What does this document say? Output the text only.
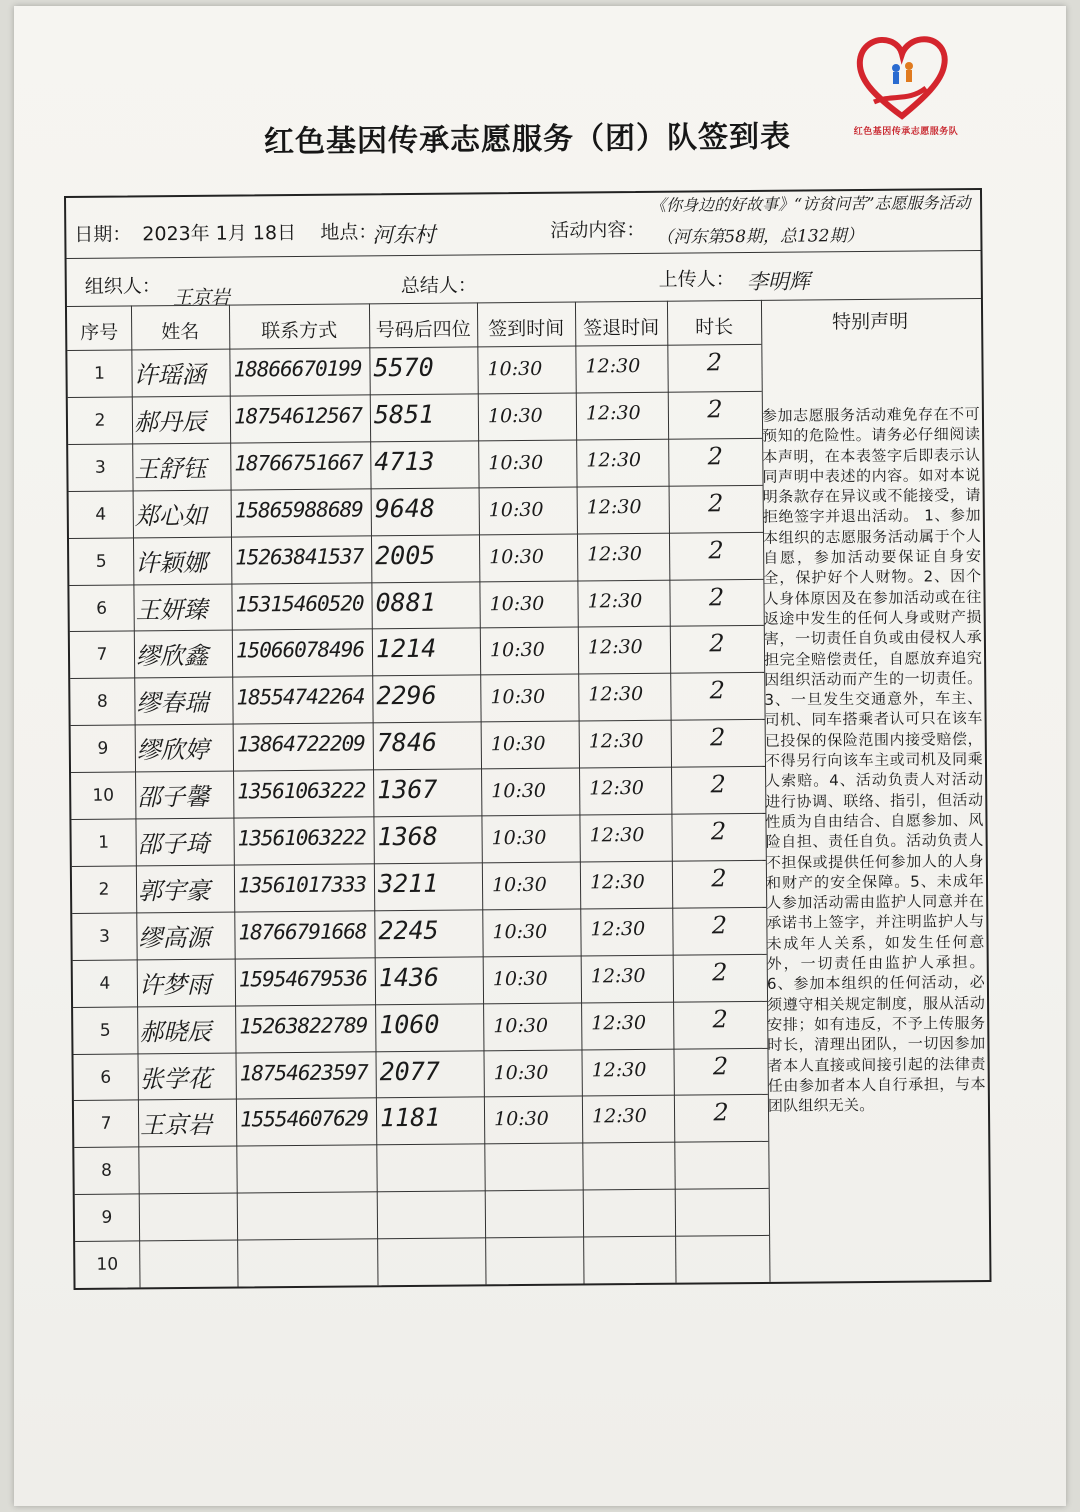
红色基因传承志愿服务队
红色基因传承志愿服务（团）队签到表
日期： 2023年 1月 18日 地点：
河东村	活动内容：
《你身边的好故事》“访贫问苦”志愿服务活动
（河东第58期，总132期）
组织人： 王京岩
总结人：	上传人： 李明辉
序号	姓名	联系方式	号码后四位 签到时间 签退时间	时长	特别声明
1	许瑶涵 18866670199 5570	10:30 12:30	2
2	郝丹辰 18754612567 5851	10:30 12:30	2
3	王舒钰 18766751667 4713	10:30 12:30	2
4	郑心如 15865988689 9648	10:30 12:30	2
5	许颖娜 15263841537 2005	10:30 12:30	2
6	王妍臻 15315460520 0881	10:30 12:30	2
7	缪欣鑫 15066078496 1214	10:30 12:30	2
8	缪春瑞 18554742264 2296	10:30 12:30	2
9	缪欣婷 13864722209 7846	10:30 12:30	2
10 邵子馨 13561063222 1367	10:30 12:30	2
1	邵子琦 13561063222 1368	10:30 12:30	2
2	郭宇豪 13561017333 3211	10:30 12:30	2
3	缪高源 18766791668 2245	10:30 12:30	2
4	许梦雨 15954679536 1436	10:30 12:30	2
5	郝晓辰 15263822789 1060	10:30 12:30	2
6	张学花 18754623597 2077	10:30 12:30	2
7	王京岩 15554607629 1181	10:30 12:30	2
8
9
10
参加志愿服务活动难免存在不可预知的危险性。请务必仔细阅读本声明，在本表签字后即表示认同声明中表述的内容。如对本说明条款存在异议或不能接受，请拒绝签字并退出活动。 1、参加本组织的志愿服务活动属于个人自愿，参加活动要保证自身安全，保护好个人财物。2、因个人身体原因及在参加活动或在往返途中发生的任何人身或财产损害，一切责任自负或由侵权人承担完全赔偿责任，自愿放弃追究因组织活动而产生的一切责任。3、一旦发生交通意外，车主、司机、同车搭乘者认可只在该车已投保的保险范围内接受赔偿，不得另行向该车主或司机及同乘人索赔。4、活动负责人对活动进行协调、联络、指引，但活动性质为自由结合、自愿参加、风险自担、责任自负。活动负责人不担保或提供任何参加人的人身和财产的安全保障。5、未成年人参加活动需由监护人同意并在承诺书上签字，并注明监护人与未成年人关系，如发生任何意外，一切责任由监护人承担。6、参加本组织的任何活动，必须遵守相关规定制度，服从活动安排；如有违反，不予上传服务时长，清理出团队，一切因参加者本人直接或间接引起的法律责任由参加者本人自行承担，与本团队组织无关。
